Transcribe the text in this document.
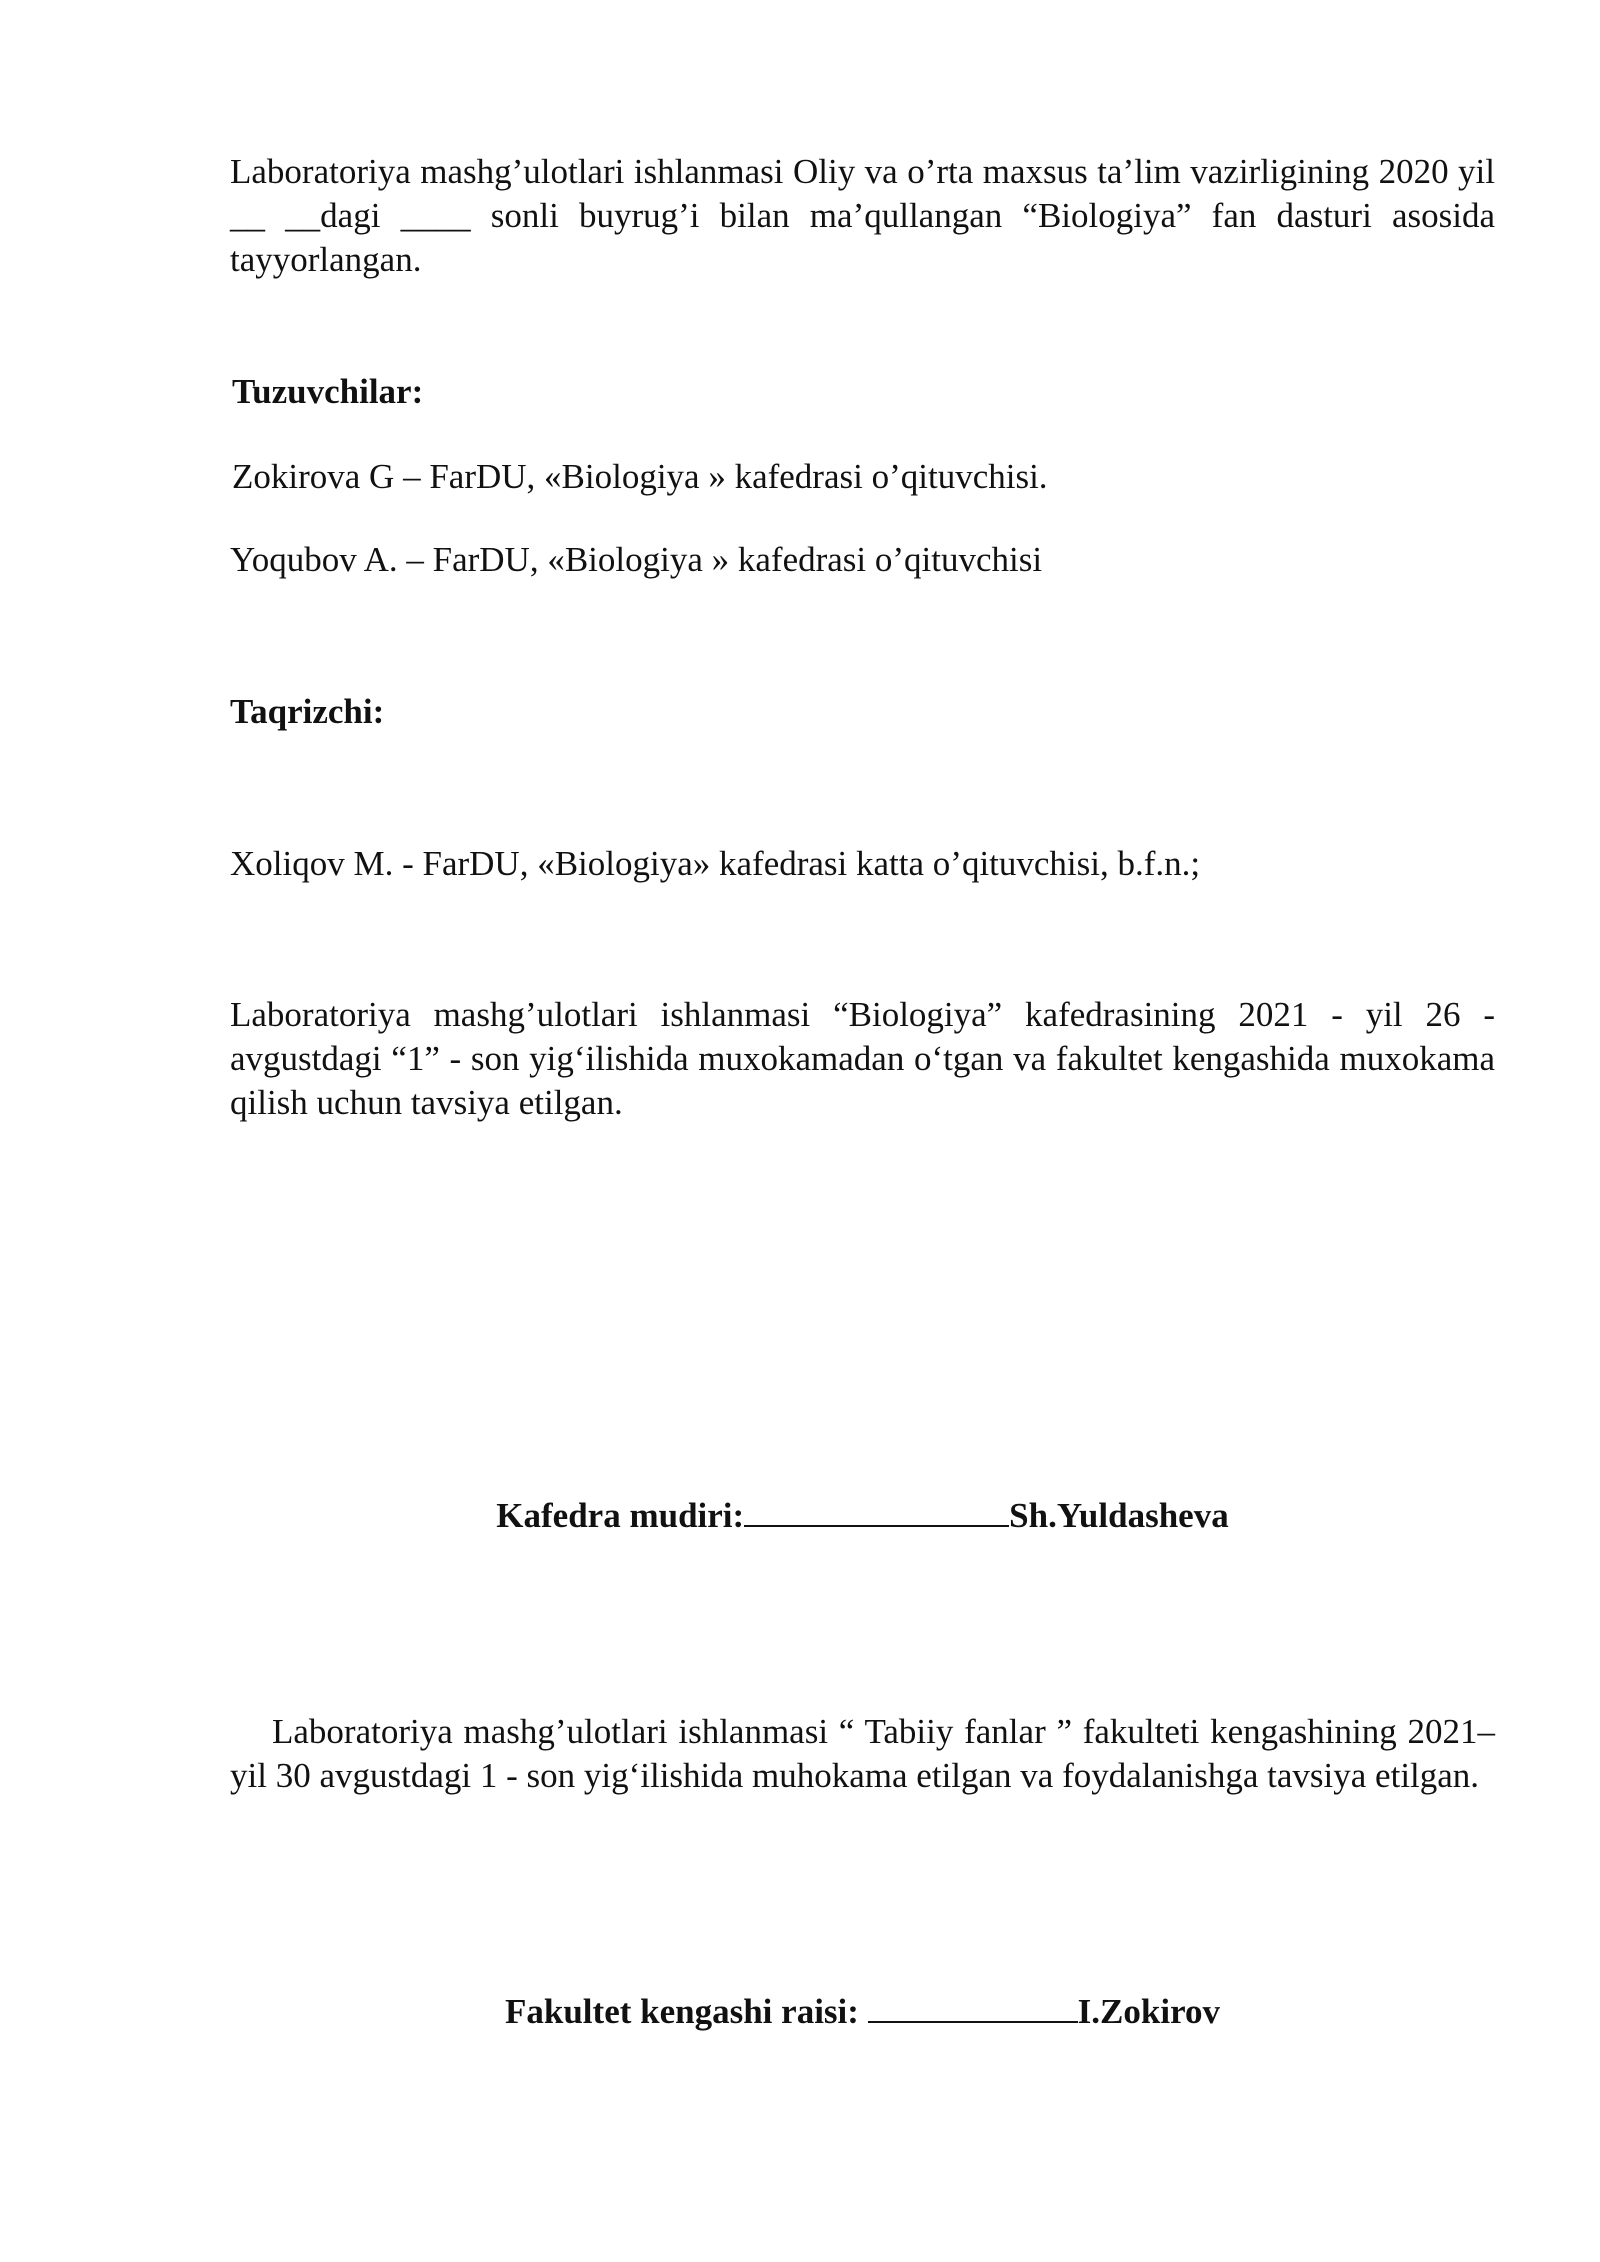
Laboratoriya mashg’ulotlari ishlanmasi Oliy va o’rta maxsus ta’lim vazirligining 2020 yil __ __dagi ____ sonli buyrug’i bilan ma’qullangan “Biologiya” fan dasturi asosida tayyorlangan.

Tuzuvchilar:

Zokirova G – FarDU, «Biologiya » kafedrasi o’qituvchisi.

Yoqubov A. – FarDU, «Biologiya » kafedrasi o’qituvchisi

Taqrizchi:

Xoliqov M. - FarDU, «Biologiya» kafedrasi katta o’qituvchisi, b.f.n.;

Laboratoriya mashg’ulotlari ishlanmasi “Biologiya” kafedrasining 2021 - yil 26 - avgustdagi “1” - son yig‘ilishida muxokamadan o‘tgan va fakultet kengashida muxokama qilish uchun tavsiya etilgan.

Kafedra mudiri:	Sh.Yuldasheva

Laboratoriya mashg’ulotlari ishlanmasi “ Tabiiy fanlar ” fakulteti kengashining 2021– yil 30 avgustdagi 1 - son yig‘ilishida muhokama etilgan va foydalanishga tavsiya etilgan.

Fakultet kengashi raisi:	I.Zokirov
